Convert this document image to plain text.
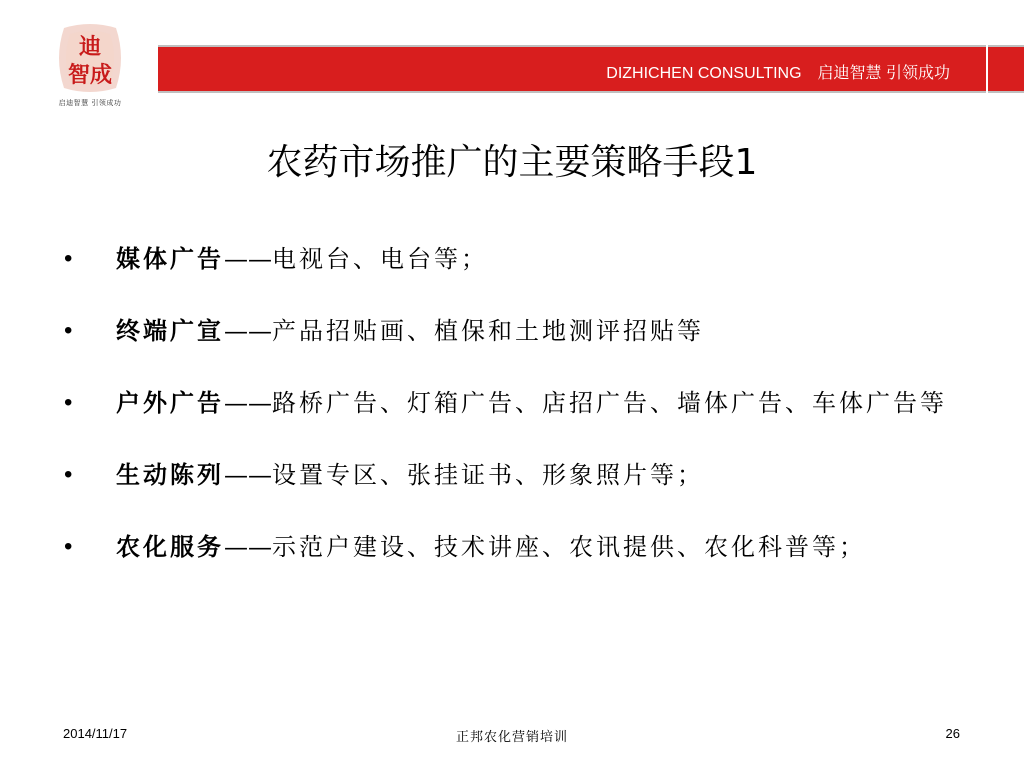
迪
智成
启迪智慧 引领成功
DIZHICHEN CONSULTING 启迪智慧 引领成功
农药市场推广的主要策略手段1
• 媒体广告——电视台、电台等；
• 终端广宣——产品招贴画、植保和土地测评招贴等
• 户外广告——路桥广告、灯箱广告、店招广告、墙体广告、车体广告等
• 生动陈列——设置专区、张挂证书、形象照片等；
• 农化服务——示范户建设、技术讲座、农讯提供、农化科普等；
2014/11/17	正邦农化营销培训	26
